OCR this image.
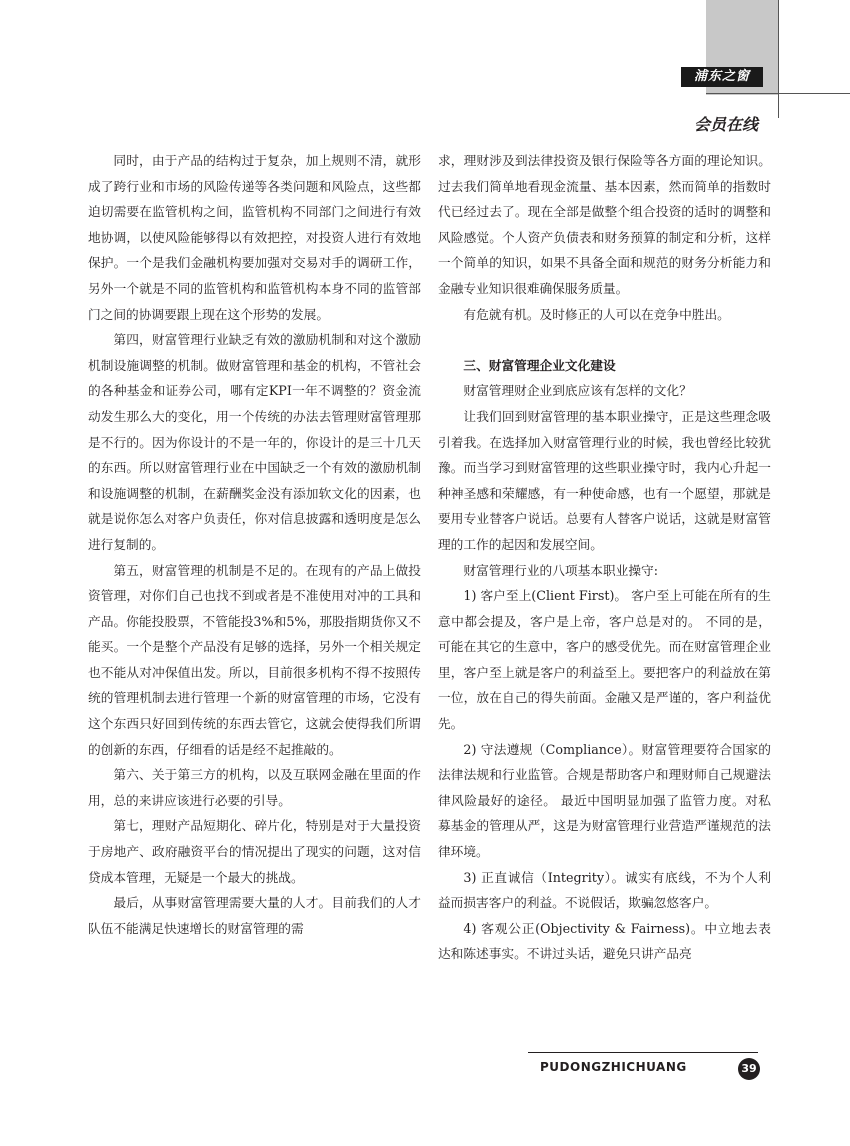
浦东之窗
会员在线

同时，由于产品的结构过于复杂，加上规则不清，就形成了跨行业和市场的风险传递等各类问题和风险点，这些都迫切需要在监管机构之间，监管机构不同部门之间进行有效地协调，以使风险能够得以有效把控，对投资人进行有效地保护。一个是我们金融机构要加强对交易对手的调研工作，另外一个就是不同的监管机构和监管机构本身不同的监管部门之间的协调要跟上现在这个形势的发展。

第四，财富管理行业缺乏有效的激励机制和对这个激励机制设施调整的机制。做财富管理和基金的机构，不管社会的各种基金和证券公司，哪有定KPI一年不调整的？资金流动发生那么大的变化，用一个传统的办法去管理财富管理那是不行的。因为你设计的不是一年的，你设计的是三十几天的东西。所以财富管理行业在中国缺乏一个有效的激励机制和设施调整的机制，在薪酬奖金没有添加软文化的因素，也就是说你怎么对客户负责任，你对信息披露和透明度是怎么进行复制的。

第五，财富管理的机制是不足的。在现有的产品上做投资管理，对你们自己也找不到或者是不准使用对冲的工具和产品。你能投股票，不管能投3%和5%，那股指期货你又不能买。一个是整个产品没有足够的选择，另外一个相关规定也不能从对冲保值出发。所以，目前很多机构不得不按照传统的管理机制去进行管理一个新的财富管理的市场，它没有这个东西只好回到传统的东西去管它，这就会使得我们所谓的创新的东西，仔细看的话是经不起推敲的。

第六、关于第三方的机构，以及互联网金融在里面的作用，总的来讲应该进行必要的引导。

第七，理财产品短期化、碎片化，特别是对于大量投资于房地产、政府融资平台的情况提出了现实的问题，这对信贷成本管理，无疑是一个最大的挑战。

最后，从事财富管理需要大量的人才。目前我们的人才队伍不能满足快速增长的财富管理的需

求，理财涉及到法律投资及银行保险等各方面的理论知识。过去我们简单地看现金流量、基本因素，然而简单的指数时代已经过去了。现在全部是做整个组合投资的适时的调整和风险感觉。个人资产负债表和财务预算的制定和分析，这样一个简单的知识，如果不具备全面和规范的财务分析能力和金融专业知识很难确保服务质量。

有危就有机。及时修正的人可以在竞争中胜出。

三、财富管理企业文化建设

财富管理财企业到底应该有怎样的文化？

让我们回到财富管理的基本职业操守，正是这些理念吸引着我。在选择加入财富管理行业的时候，我也曾经比较犹豫。而当学习到财富管理的这些职业操守时，我内心升起一种神圣感和荣耀感，有一种使命感，也有一个愿望，那就是要用专业替客户说话。总要有人替客户说话，这就是财富管理的工作的起因和发展空间。

财富管理行业的八项基本职业操守:

1) 客户至上(Client First)。 客户至上可能在所有的生意中都会提及，客户是上帝，客户总是对的。 不同的是，可能在其它的生意中，客户的感受优先。而在财富管理企业里，客户至上就是客户的利益至上。要把客户的利益放在第一位，放在自己的得失前面。金融又是严谨的，客户利益优先。

2) 守法遵规（Compliance）。财富管理要符合国家的法律法规和行业监管。合规是帮助客户和理财师自己规避法律风险最好的途径。 最近中国明显加强了监管力度。对私募基金的管理从严，这是为财富管理行业营造严谨规范的法律环境。

3) 正直诚信（Integrity）。诚实有底线，不为个人利益而损害客户的利益。不说假话，欺骗忽悠客户。

4) 客观公正(Objectivity & Fairness)。中立地去表达和陈述事实。不讲过头话，避免只讲产品亮

PUDONGZHICHUANG	39
